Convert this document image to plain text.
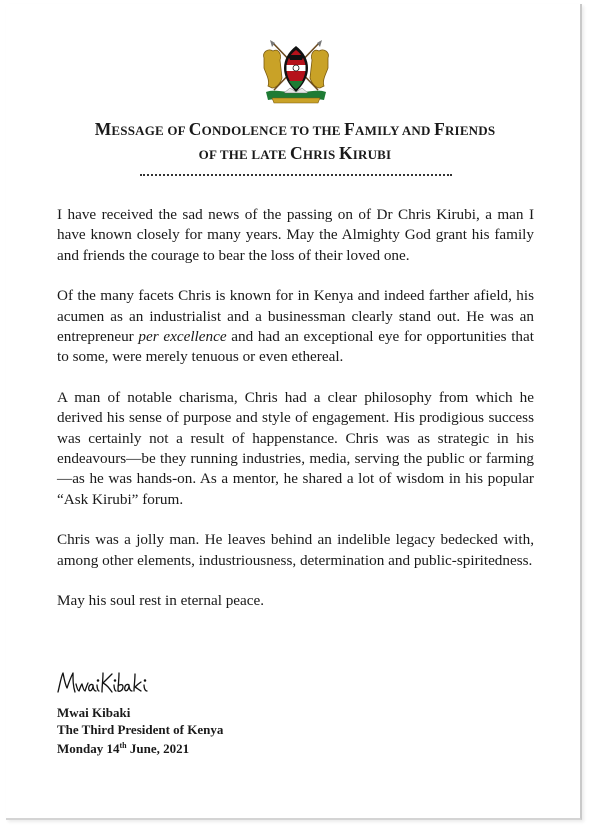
MESSAGE OF CONDOLENCE TO THE FAMILY AND FRIENDS
OF THE LATE CHRIS KIRUBI
I have received the sad news of the passing on of Dr Chris Kirubi, a man I have known closely for many years. May the Almighty God grant his family and friends the courage to bear the loss of their loved one.
Of the many facets Chris is known for in Kenya and indeed farther afield, his acumen as an industrialist and a businessman clearly stand out. He was an entrepreneur per excellence and had an exceptional eye for opportunities that to some, were merely tenuous or even ethereal.
A man of notable charisma, Chris had a clear philosophy from which he derived his sense of purpose and style of engagement. His prodigious success was certainly not a result of happenstance. Chris was as strategic in his endeavours—be they running industries, media, serving the public or farming—as he was hands-on. As a mentor, he shared a lot of wisdom in his popular “Ask Kirubi” forum.
Chris was a jolly man. He leaves behind an indelible legacy bedecked with, among other elements, industriousness, determination and public-spiritedness.
May his soul rest in eternal peace.
MwaiKibaki
Mwai Kibaki
The Third President of Kenya
Monday 14th June, 2021
